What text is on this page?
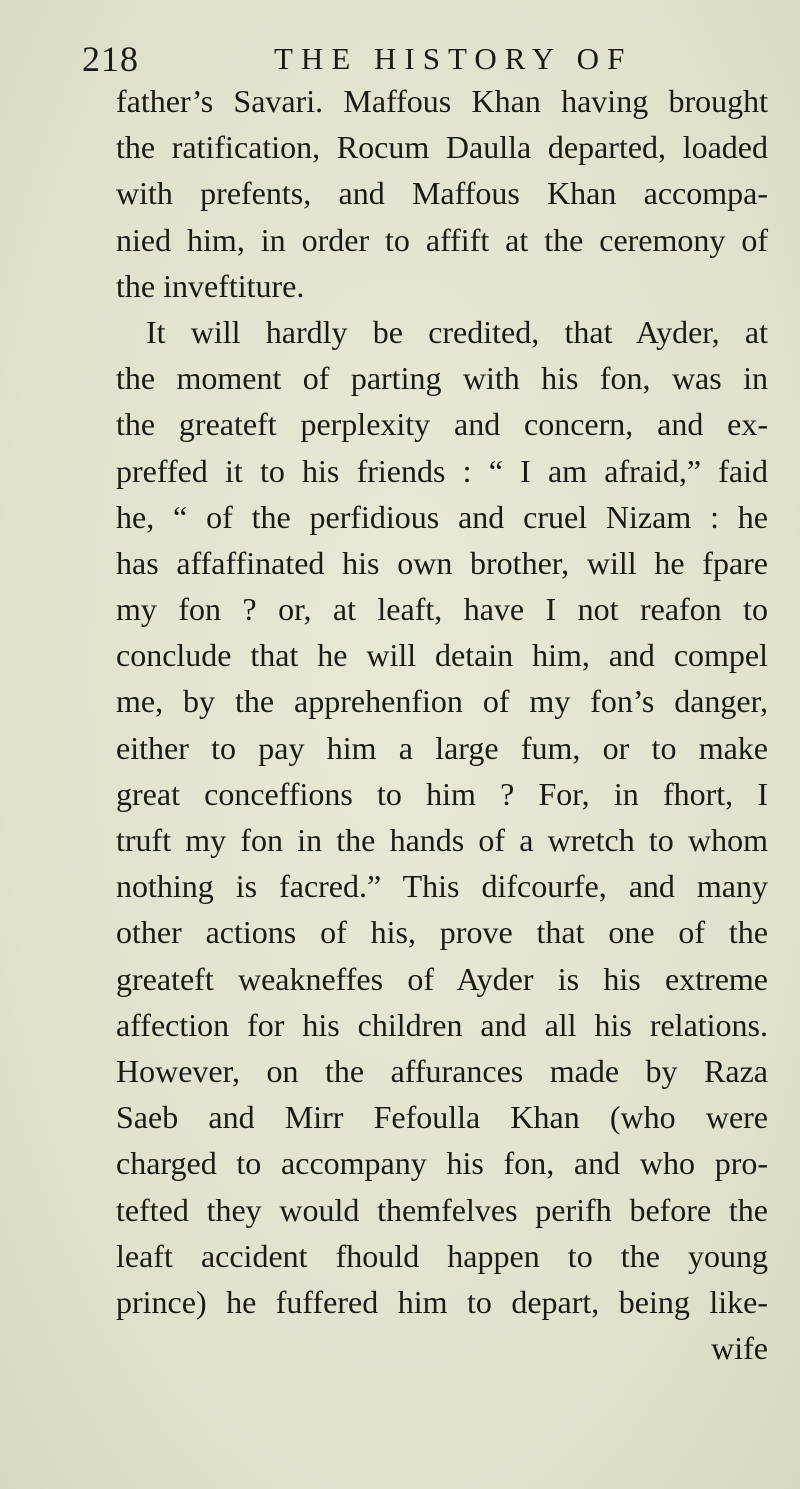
218	THE HISTORY OF
father’s Savari. Maffous Khan having brought
the ratification, Rocum Daulla departed, loaded
with prefents, and Maffous Khan accompa-
nied him, in order to affift at the ceremony of
the inveftiture.
It will hardly be credited, that Ayder, at
the moment of parting with his fon, was in
the greateft perplexity and concern, and ex-
preffed it to his friends : “ I am afraid,” faid
he, “ of the perfidious and cruel Nizam : he
has affaffinated his own brother, will he fpare
my fon ? or, at leaft, have I not reafon to
conclude that he will detain him, and compel
me, by the apprehenfion of my fon’s danger,
either to pay him a large fum, or to make
great conceffions to him ? For, in fhort, I
truft my fon in the hands of a wretch to whom
nothing is facred.” This difcourfe, and many
other actions of his, prove that one of the
greateft weakneffes of Ayder is his extreme
affection for his children and all his relations.
However, on the affurances made by Raza
Saeb and Mirr Fefoulla Khan (who were
charged to accompany his fon, and who pro-
tefted they would themfelves perifh before the
leaft accident fhould happen to the young
prince) he fuffered him to depart, being like-
wife
